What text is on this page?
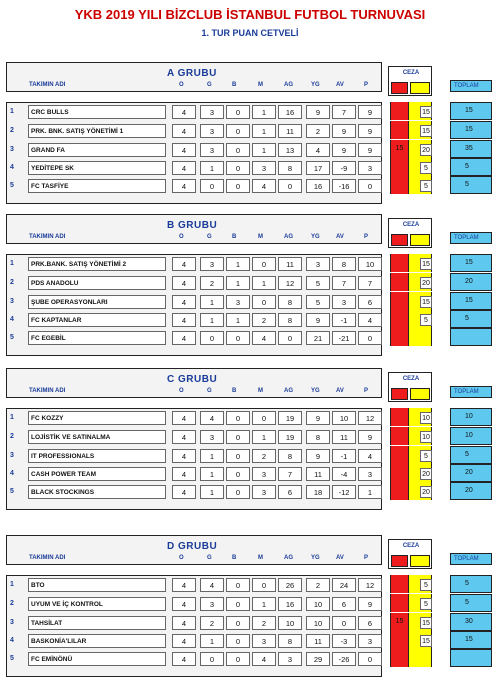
YKB 2019 YILI BİZCLUB İSTANBUL FUTBOL TURNUVASI
1. TUR PUAN CETVELİ
A GRUBU
TAKIMIN ADI	O	G	B	M	AG	YG	AV	P
CEZA
TOPLAM
1	CRC BULLS	4	3	0	1	16	9	7	9	15	15
2	PRK. BNK. SATIŞ YÖNETİMİ 1	4	3	0	1	11	2	9	9	15	15
3	GRAND FA	4	3	0	1	13	4	9	9	15	20	35
4	YEDİTEPE SK	4	1	0	3	8	17	-9	3	5	5
5	FC TASFİYE	4	0	0	4	0	16	-16	0	5	5
B GRUBU
TAKIMIN ADI	O	G	B	M	AG	YG	AV	P
CEZA
TOPLAM
1	PRK.BANK. SATIŞ YÖNETİMİ 2	4	3	1	0	11	3	8	10	15	15
2	PDS ANADOLU	4	2	1	1	12	5	7	7	20	20
3	ŞUBE OPERASYONLARI	4	1	3	0	8	5	3	6	15	15
4	FC KAPTANLAR	4	1	1	2	8	9	-1	4	5	5
5	FC EGEBİL	4	0	0	4	0	21	-21	0
C GRUBU
TAKIMIN ADI	O	G	B	M	AG	YG	AV	P
CEZA
TOPLAM
1	FC KOZZY	4	4	0	0	19	9	10	12	10	10
2	LOJİSTİK VE SATINALMA	4	3	0	1	19	8	11	9	10	10
3	IT PROFESSIONALS	4	1	0	2	8	9	-1	4	5	5
4	CASH POWER TEAM	4	1	0	3	7	11	-4	3	20	20
5	BLACK STOCKINGS	4	1	0	3	6	18	-12	1	20	20
D GRUBU
TAKIMIN ADI	O	G	B	M	AG	YG	AV	P
CEZA
TOPLAM
1	BTO	4	4	0	0	26	2	24	12	5	5
2	UYUM VE İÇ KONTROL	4	3	0	1	16	10	6	9	5	5
3	TAHSİLAT	4	2	0	2	10	10	0	6	15	15	30
4	BASKONİA'LILAR	4	1	0	3	8	11	-3	3	15	15
5	FC EMİNÖNÜ	4	0	0	4	3	29	-26	0
